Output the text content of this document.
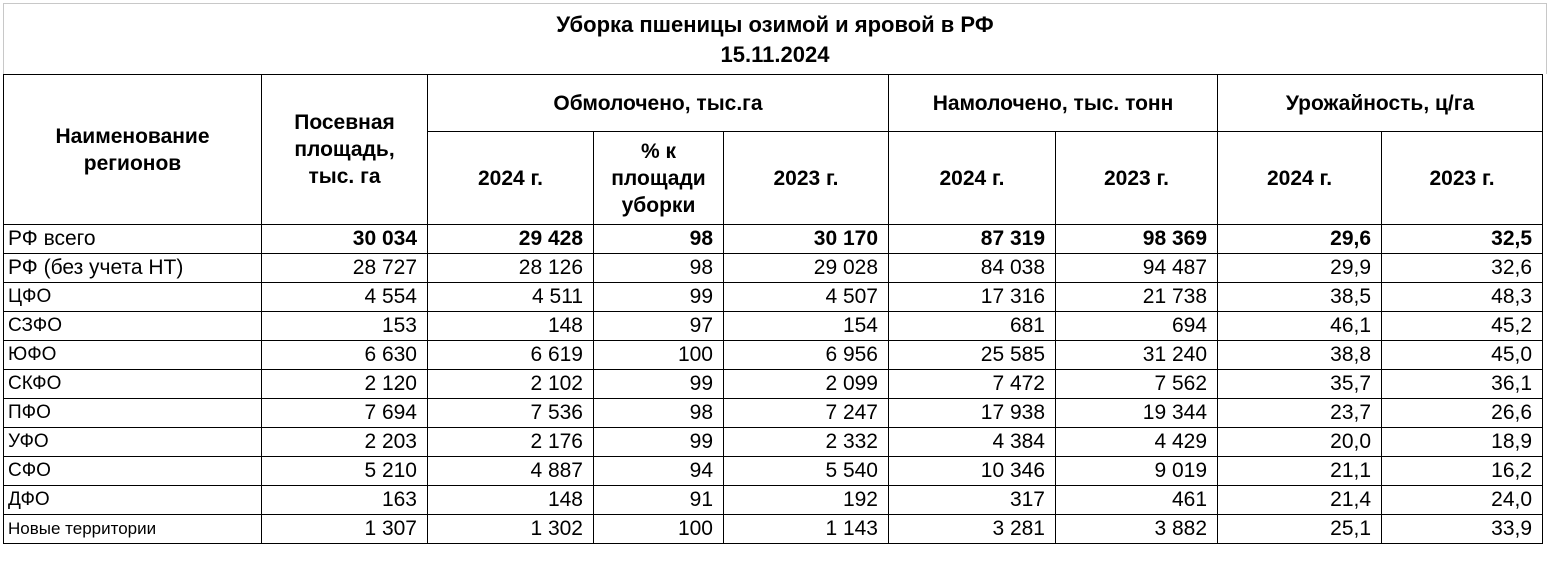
Уборка пшеницы озимой и яровой в РФ
15.11.2024
Наименование регионов	Посевная площадь, тыс. га	Обмолочено, тыс.га			Намолочено, тыс. тонн		Урожайность, ц/га	
		2024 г.	% к площади уборки	2023 г.	2024 г.	2023 г.	2024 г.	2023 г.
РФ всего	30 034	29 428	98	30 170	87 319	98 369	29,6	32,5
РФ (без учета НТ)	28 727	28 126	98	29 028	84 038	94 487	29,9	32,6
ЦФО	4 554	4 511	99	4 507	17 316	21 738	38,5	48,3
СЗФО	153	148	97	154	681	694	46,1	45,2
ЮФО	6 630	6 619	100	6 956	25 585	31 240	38,8	45,0
СКФО	2 120	2 102	99	2 099	7 472	7 562	35,7	36,1
ПФО	7 694	7 536	98	7 247	17 938	19 344	23,7	26,6
УФО	2 203	2 176	99	2 332	4 384	4 429	20,0	18,9
СФО	5 210	4 887	94	5 540	10 346	9 019	21,1	16,2
ДФО	163	148	91	192	317	461	21,4	24,0
Новые территории	1 307	1 302	100	1 143	3 281	3 882	25,1	33,9
